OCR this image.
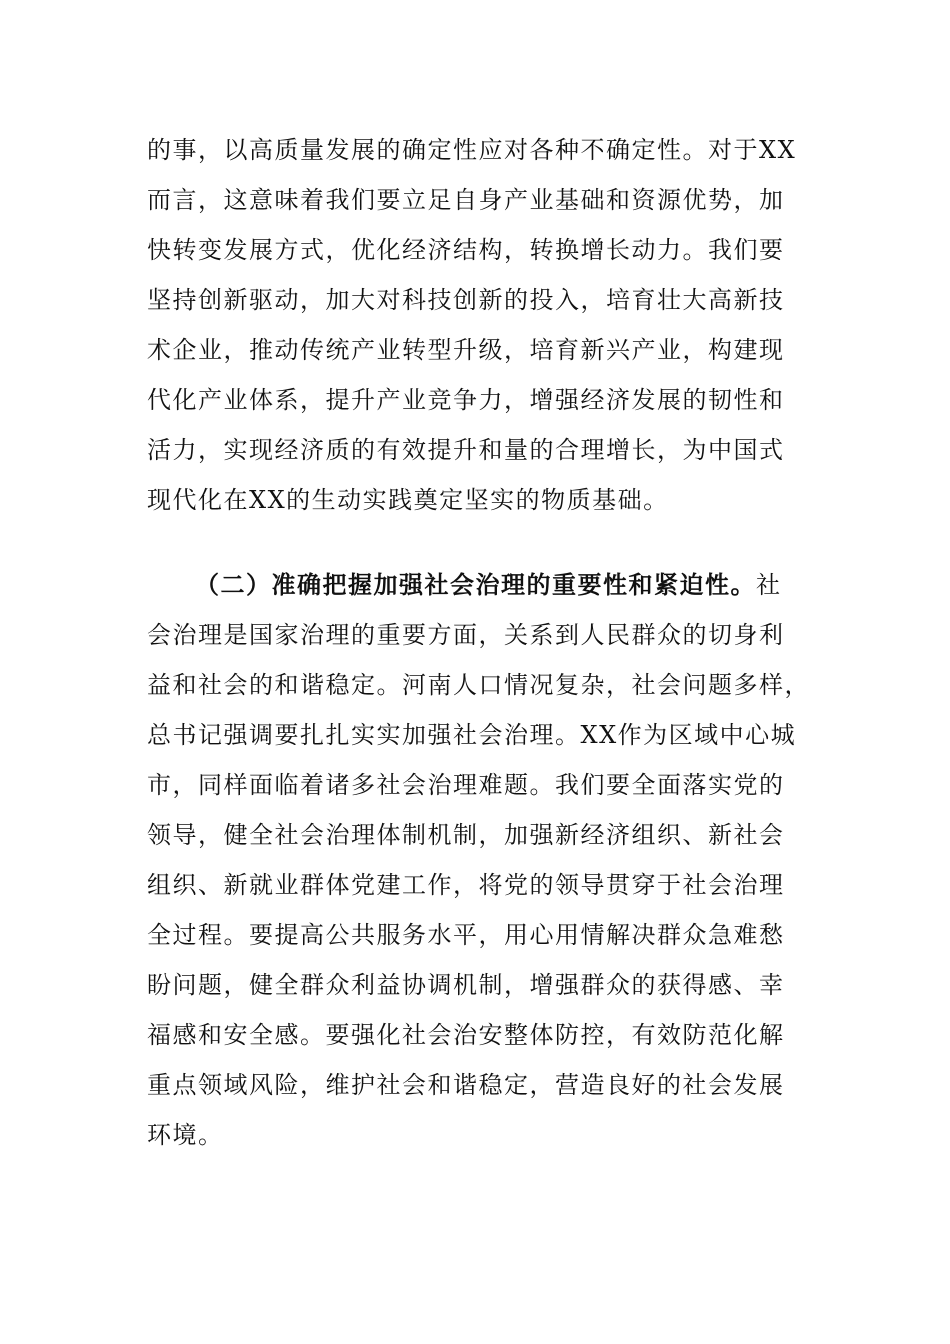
的事，以高质量发展的确定性应对各种不确定性。对于XX
而言，这意味着我们要立足自身产业基础和资源优势，加
快转变发展方式，优化经济结构，转换增长动力。我们要
坚持创新驱动，加大对科技创新的投入，培育壮大高新技
术企业，推动传统产业转型升级，培育新兴产业，构建现
代化产业体系，提升产业竞争力，增强经济发展的韧性和
活力，实现经济质的有效提升和量的合理增长，为中国式
现代化在XX的生动实践奠定坚实的物质基础。
（二）准确把握加强社会治理的重要性和紧迫性。社
会治理是国家治理的重要方面，关系到人民群众的切身利
益和社会的和谐稳定。河南人口情况复杂，社会问题多样，
总书记强调要扎扎实实加强社会治理。XX作为区域中心城
市，同样面临着诸多社会治理难题。我们要全面落实党的
领导，健全社会治理体制机制，加强新经济组织、新社会
组织、新就业群体党建工作，将党的领导贯穿于社会治理
全过程。要提高公共服务水平，用心用情解决群众急难愁
盼问题，健全群众利益协调机制，增强群众的获得感、幸
福感和安全感。要强化社会治安整体防控，有效防范化解
重点领域风险，维护社会和谐稳定，营造良好的社会发展
环境。
